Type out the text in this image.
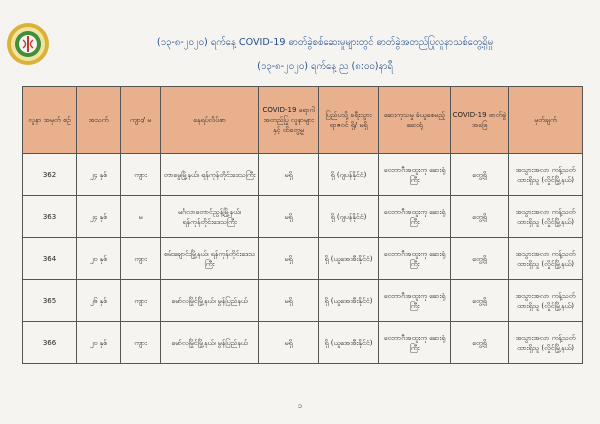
(၁၃-၈-၂၀၂၀) ရက်နေ့ COVID-19 ဓာတ်ခွဲစစ်ဆေးမှုများတွင် ဓာတ်ခွဲအတည်ပြုလူနာသစ်တွေ့ရှိမှု
(၁၃-၈-၂၀၂၀) ရက်နေ့ ည (၈:၀၀)နာရီ
လူနာ အမှတ် စဉ်	အသက်	ကျား/ မ	နေရပ်လိပ်စာ	COVID-19 ရောဂါ အတည်ပြု လူနာများနှင့် ထိတွေ့မှု	ပြည်ပသို့ ခရီးသွား ရာဇဝင် ရှိ/ မရှိ	ဆေးကုသမှု ခံယူစေမည့်ဆေးရုံ	COVID-19 ဓာတ်ခွဲအဖြေ	မှတ်ချက်
362	၂၄ နှစ်	ကျား	တာမွေမြို့နယ်၊ ရန်ကုန်တိုင်းဒေသကြီး	မရှိ	ရှိ (ဂျပန်နိုင်ငံ)	ဝေဘာဂီအထူးကု ဆေးရုံကြီး	တွေ့ရှိ	အသွားအလာ ကန့်သတ်ထားရှိသူ (လှိုင်မြို့နယ်)
363	၂၄ နှစ်	မ	မင်္ဂလာတောင်ညွန့်မြို့နယ်၊ ရန်ကုန်တိုင်းဒေသကြီး	မရှိ	ရှိ (ဂျပန်နိုင်ငံ)	ဝေဘာဂီအထူးကု ဆေးရုံကြီး	တွေ့ရှိ	အသွားအလာ ကန့်သတ်ထားရှိသူ (လှိုင်မြို့နယ်)
364	၂၀ နှစ်	ကျား	စမ်းချောင်းမြို့နယ်၊ ရန်ကုန်တိုင်းဒေသကြီး	မရှိ	ရှိ (ယူအေအီးနိုင်ငံ)	ဝေဘာဂီအထူးကု ဆေးရုံကြီး	တွေ့ရှိ	အသွားအလာ ကန့်သတ်ထားရှိသူ (လှိုင်မြို့နယ်)
365	၂၆ နှစ်	ကျား	မော်လမြိုင်မြို့နယ်၊ မွန်ပြည်နယ်	မရှိ	ရှိ (ယူအေအီးနိုင်ငံ)	ဝေဘာဂီအထူးကု ဆေးရုံကြီး	တွေ့ရှိ	အသွားအလာ ကန့်သတ်ထားရှိသူ (လှိုင်မြို့နယ်)
366	၂၀ နှစ်	ကျား	မော်လမြိုင်မြို့နယ်၊ မွန်ပြည်နယ်	မရှိ	ရှိ (ယူအေအီးနိုင်ငံ)	ဝေဘာဂီအထူးကု ဆေးရုံကြီး	တွေ့ရှိ	အသွားအလာ ကန့်သတ်ထားရှိသူ (လှိုင်မြို့နယ်)
၁
